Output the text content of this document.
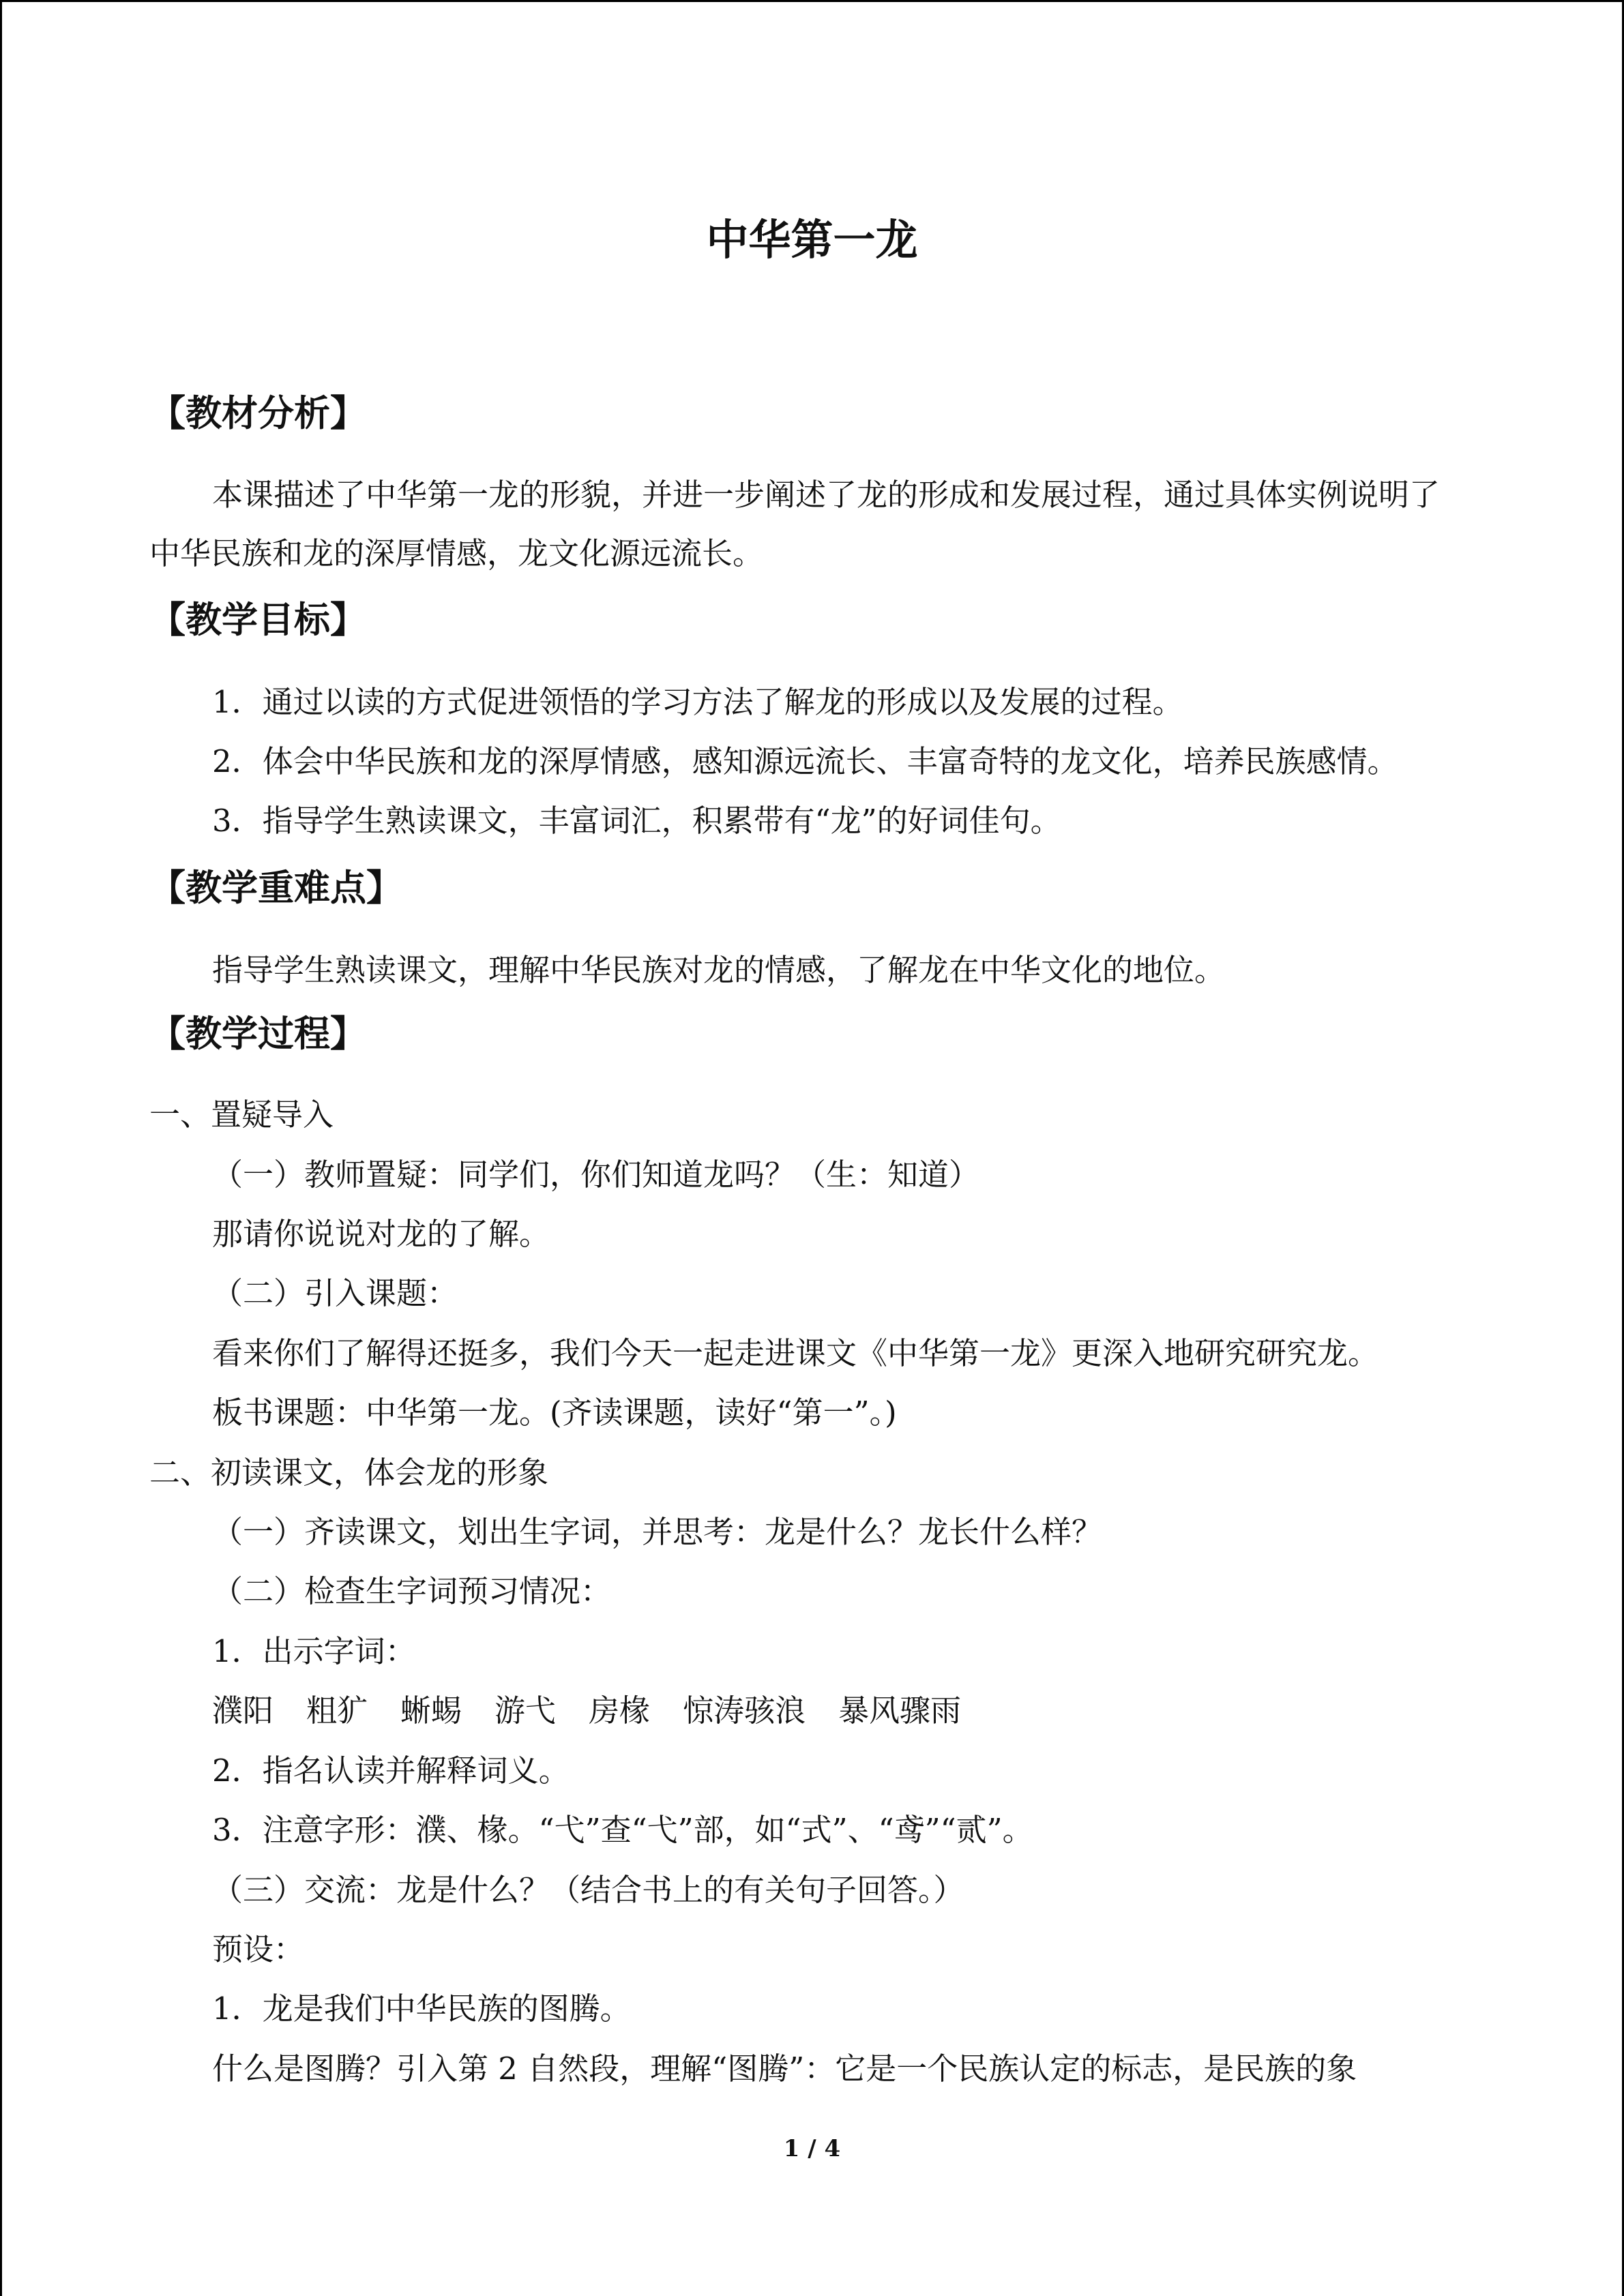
中华第一龙
【教材分析】

本课描述了中华第一龙的形貌，并进一步阐述了龙的形成和发展过程，通过具体实例说明了中华民族和龙的深厚情感，龙文化源远流长。

【教学目标】
1．通过以读的方式促进领悟的学习方法了解龙的形成以及发展的过程。
2．体会中华民族和龙的深厚情感，感知源远流长、丰富奇特的龙文化，培养民族感情。
3．指导学生熟读课文，丰富词汇，积累带有“龙”的好词佳句。
【教学重难点】
指导学生熟读课文，理解中华民族对龙的情感，了解龙在中华文化的地位。
【教学过程】
一、置疑导入
（一）教师置疑：同学们，你们知道龙吗？（生：知道）
那请你说说对龙的了解。
（二）引入课题：
看来你们了解得还挺多，我们今天一起走进课文《中华第一龙》更深入地研究研究龙。
板书课题：中华第一龙。(齐读课题，读好“第一”。)
二、初读课文，体会龙的形象
（一）齐读课文，划出生字词，并思考：龙是什么？龙长什么样？
（二）检查生字词预习情况：
1．出示字词：
濮阳 粗犷 蜥蜴 游弋 房椽 惊涛骇浪 暴风骤雨
2．指名认读并解释词义。
3．注意字形：濮、椽。“弋”查“弋”部，如“式”、“鸢”“贰”。
（三）交流：龙是什么？（结合书上的有关句子回答。）
预设：
1．龙是我们中华民族的图腾。
什么是图腾？引入第 2 自然段，理解“图腾”：它是一个民族认定的标志，是民族的象
1 / 4
